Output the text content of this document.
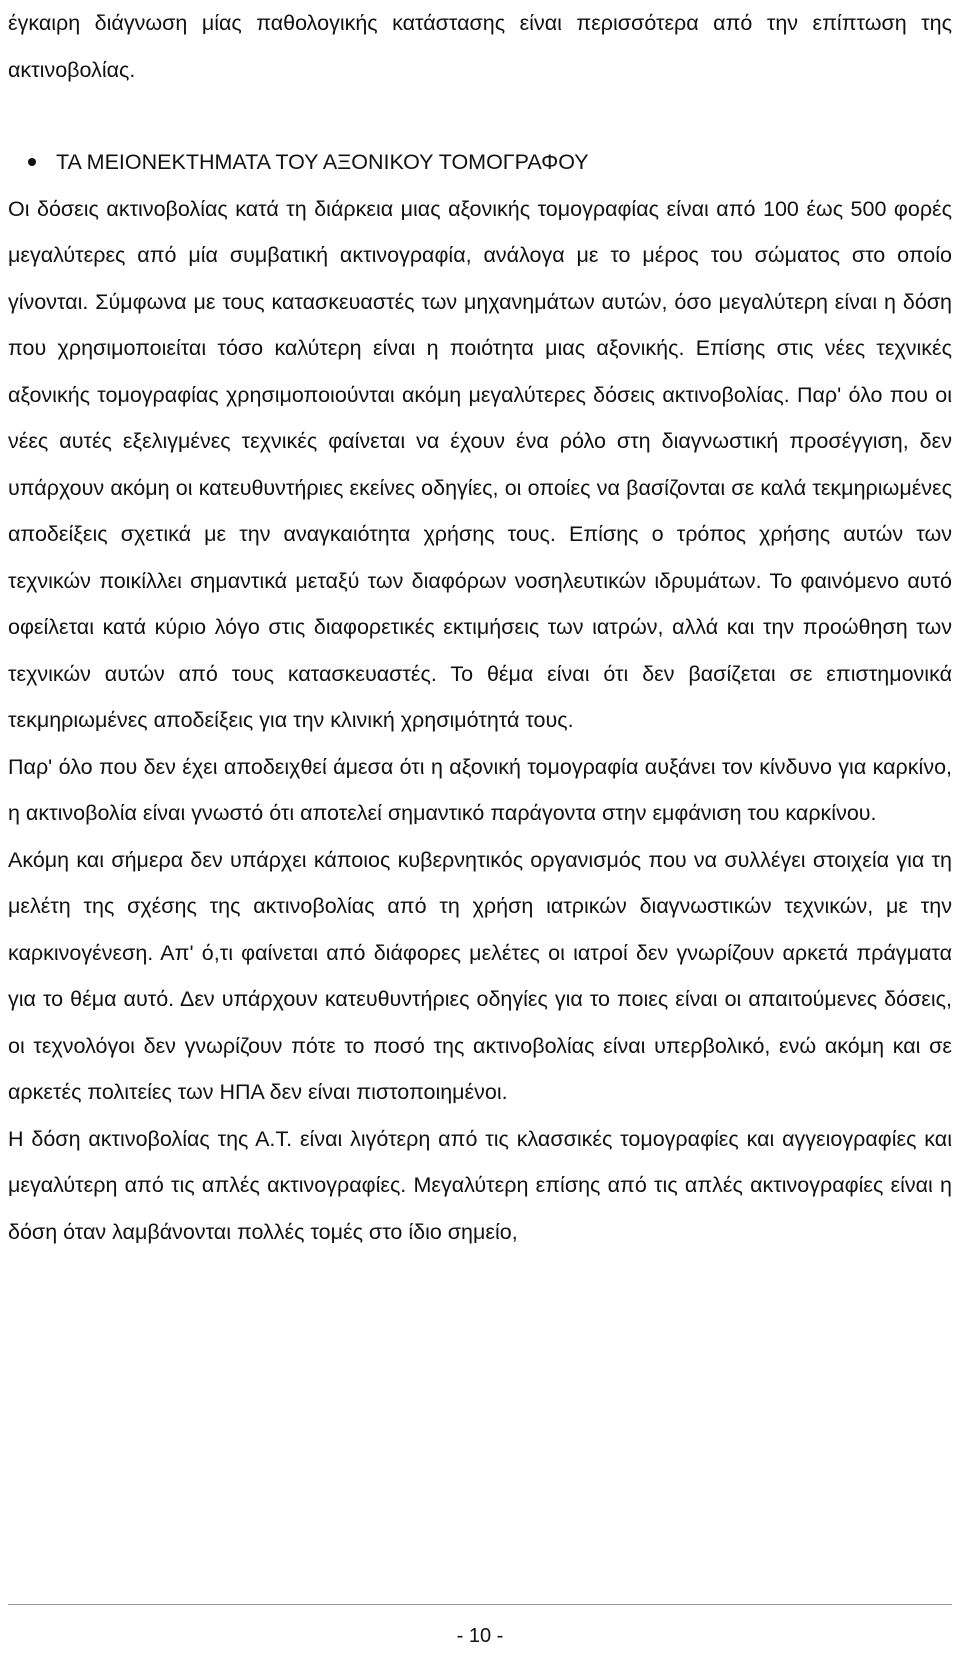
έγκαιρη διάγνωση μίας παθολογικής κατάστασης είναι περισσότερα από την επίπτωση της ακτινοβολίας.

ΤΑ ΜΕΙΟΝΕΚΤΗΜΑΤΑ ΤΟΥ ΑΞΟΝΙΚΟΥ ΤΟΜΟΓΡΑΦΟΥ

Οι δόσεις ακτινοβολίας κατά τη διάρκεια μιας αξονικής τομογραφίας είναι από 100 έως 500 φορές μεγαλύτερες από μία συμβατική ακτινογραφία, ανάλογα με το μέρος του σώματος στο οποίο γίνονται. Σύμφωνα με τους κατασκευαστές των μηχανημάτων αυτών, όσο μεγαλύτερη είναι η δόση που χρησιμοποιείται τόσο καλύτερη είναι η ποιότητα μιας αξονικής. Επίσης στις νέες τεχνικές αξονικής τομογραφίας χρησιμοποιούνται ακόμη μεγαλύτερες δόσεις ακτινοβολίας. Παρ' όλο που οι νέες αυτές εξελιγμένες τεχνικές φαίνεται να έχουν ένα ρόλο στη διαγνωστική προσέγγιση, δεν υπάρχουν ακόμη οι κατευθυντήριες εκείνες οδηγίες, οι οποίες να βασίζονται σε καλά τεκμηριωμένες αποδείξεις σχετικά με την αναγκαιότητα χρήσης τους. Επίσης ο τρόπος χρήσης αυτών των τεχνικών ποικίλλει σημαντικά μεταξύ των διαφόρων νοσηλευτικών ιδρυμάτων. Το φαινόμενο αυτό οφείλεται κατά κύριο λόγο στις διαφορετικές εκτιμήσεις των ιατρών, αλλά και την προώθηση των τεχνικών αυτών από τους κατασκευαστές. Το θέμα είναι ότι δεν βασίζεται σε επιστημονικά τεκμηριωμένες αποδείξεις για την κλινική χρησιμότητά τους.

Παρ' όλο που δεν έχει αποδειχθεί άμεσα ότι η αξονική τομογραφία αυξάνει τον κίνδυνο για καρκίνο, η ακτινοβολία είναι γνωστό ότι αποτελεί σημαντικό παράγοντα στην εμφάνιση του καρκίνου.

Ακόμη και σήμερα δεν υπάρχει κάποιος κυβερνητικός οργανισμός που να συλλέγει στοιχεία για τη μελέτη της σχέσης της ακτινοβολίας από τη χρήση ιατρικών διαγνωστικών τεχνικών, με την καρκινογένεση. Απ' ό,τι φαίνεται από διάφορες μελέτες οι ιατροί δεν γνωρίζουν αρκετά πράγματα για το θέμα αυτό. Δεν υπάρχουν κατευθυντήριες οδηγίες για το ποιες είναι οι απαιτούμενες δόσεις, οι τεχνολόγοι δεν γνωρίζουν πότε το ποσό της ακτινοβολίας είναι υπερβολικό, ενώ ακόμη και σε αρκετές πολιτείες των ΗΠΑ δεν είναι πιστοποιημένοι.

Η δόση ακτινοβολίας της Α.Τ. είναι λιγότερη από τις κλασσικές τομογραφίες και αγγειογραφίες και μεγαλύτερη από τις απλές ακτινογραφίες. Μεγαλύτερη επίσης από τις απλές ακτινογραφίες είναι η δόση όταν λαμβάνονται πολλές τομές στο ίδιο σημείο,

- 10 -
